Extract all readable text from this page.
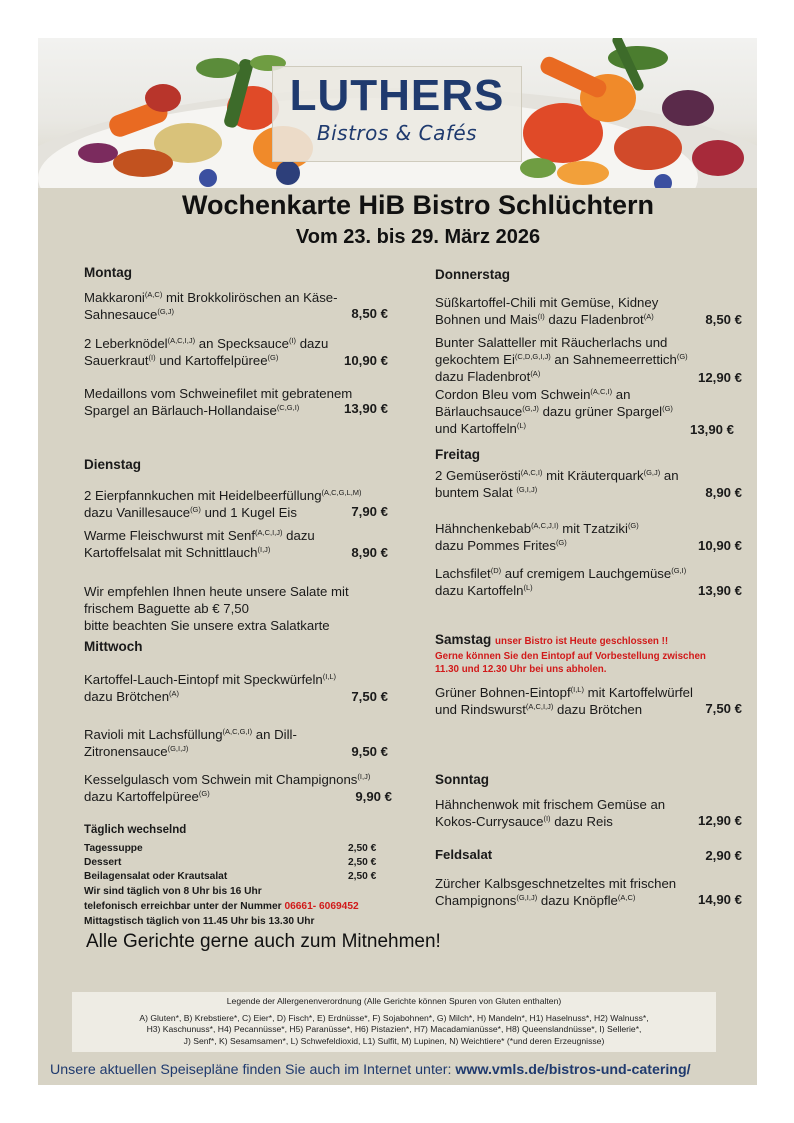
LUTHERS
Bistros & Cafés
Wochenkarte HiB Bistro Schlüchtern
Vom 23. bis 29. März 2026
Montag
Makkaroni$^{(A,C)}$ mit Brokkoliröschen an Käse-
Sahnesauce$^{(G,J)}$	8,50 €
2 Leberknödel$^{(A,C,I,J)}$ an Specksauce$^{(I)}$ dazu
Sauerkraut$^{(I)}$ und Kartoffelpüree$^{(G)}$	10,90 €
Medaillons vom Schweinefilet mit gebratenem
Spargel an Bärlauch-Hollandaise$^{(C,G,I)}$	13,90 €
Dienstag
2 Eierpfannkuchen mit Heidelbeerfüllung$^{(A,C,G,L,M)}$
dazu Vanillesauce$^{(G)}$ und 1 Kugel Eis	7,90 €
Warme Fleischwurst mit Senf$^{(A,C,I,J)}$ dazu
Kartoffelsalat mit Schnittlauch$^{(I,J)}$	8,90 €
Wir empfehlen Ihnen heute unsere Salate mit
frischem Baguette ab € 7,50
bitte beachten Sie unsere extra Salatkarte
Mittwoch
Kartoffel-Lauch-Eintopf mit Speckwürfeln$^{(I,L)}$
dazu Brötchen$^{(A)}$	7,50 €
Ravioli mit Lachsfüllung$^{(A,C,G,I)}$ an Dill-
Zitronensauce$^{(G,I,J)}$	9,50 €
Kesselgulasch vom Schwein mit Champignons$^{(I,J)}$
dazu Kartoffelpüree$^{(G)}$	9,90 €
Täglich wechselnd
Tagessuppe	2,50 €
Dessert	2,50 €
Beilagensalat oder Krautsalat	2,50 €
Wir sind täglich von 8 Uhr bis 16 Uhr
telefonisch erreichbar unter der Nummer 06661- 6069452
Mittagstisch täglich von 11.45 Uhr bis 13.30 Uhr
Donnerstag
Süßkartoffel-Chili mit Gemüse, Kidney
Bohnen und Mais$^{(I)}$ dazu Fladenbrot$^{(A)}$	8,50 €
Bunter Salatteller mit Räucherlachs und
gekochtem $Ei^{(C,D,G,I,J)}$ an Sahnemeerrettich$^{(G)}$
dazu Fladenbrot$^{(A)}$	12,90 €
Cordon Bleu vom Schwein$^{(A,C,I)}$ an
Bärlauchsauce$^{(G,J)}$ dazu grüner Spargel$^{(G)}$
und Kartoffeln$^{(L)}$	13,90 €
Freitag
2 Gemüserösti$^{(A,C,I)}$ mit Kräuterquark$^{(G,J)}$ an
buntem Salat $^{(G,I,J)}$	8,90 €
Hähnchenkebab$^{(A,C,J,I)}$ mit Tzatziki$^{(G)}$
dazu Pommes Frites$^{(G)}$	10,90 €
Lachsfilet$^{(D)}$ auf cremigem Lauchgemüse$^{(G,I)}$
dazu Kartoffeln$^{(L)}$	13,90 €
Samstag unser Bistro ist Heute geschlossen !!
Gerne können Sie den Eintopf auf Vorbestellung zwischen
11.30 und 12.30 Uhr bei uns abholen.
Grüner Bohnen-Eintopf$^{(I,L)}$ mit Kartoffelwürfel
und Rindswurst$^{(A,C,I,J)}$ dazu Brötchen	7,50 €
Sonntag
Hähnchenwok mit frischem Gemüse an
Kokos-Currysauce$^{(I)}$ dazu Reis	12,90 €
Feldsalat	2,90 €
Zürcher Kalbsgeschnetzeltes mit frischen
Champignons$^{(G,I,J)}$ dazu Knöpfle$^{(A,C)}$	14,90 €
Alle Gerichte gerne auch zum Mitnehmen!
Legende der Allergenenverordnung (Alle Gerichte können Spuren von Gluten enthalten)
A) Gluten*, B) Krebstiere*, C) Eier*, D) Fisch*, E) Erdnüsse*, F) Sojabohnen*, G) Milch*, H) Mandeln*, H1) Haselnuss*, H2) Walnuss*,
H3) Kaschunuss*, H4) Pecannüsse*, H5) Paranüsse*, H6) Pistazien*, H7) Macadamianüsse*, H8) Queenslandnüsse*, I) Sellerie*,
J) Senf*, K) Sesamsamen*, L) Schwefeldioxid, L1) Sulfit, M) Lupinen, N) Weichtiere* (*und deren Erzeugnisse)
Unsere aktuellen Speisepläne finden Sie auch im Internet unter: www.vmls.de/bistros-und-catering/
